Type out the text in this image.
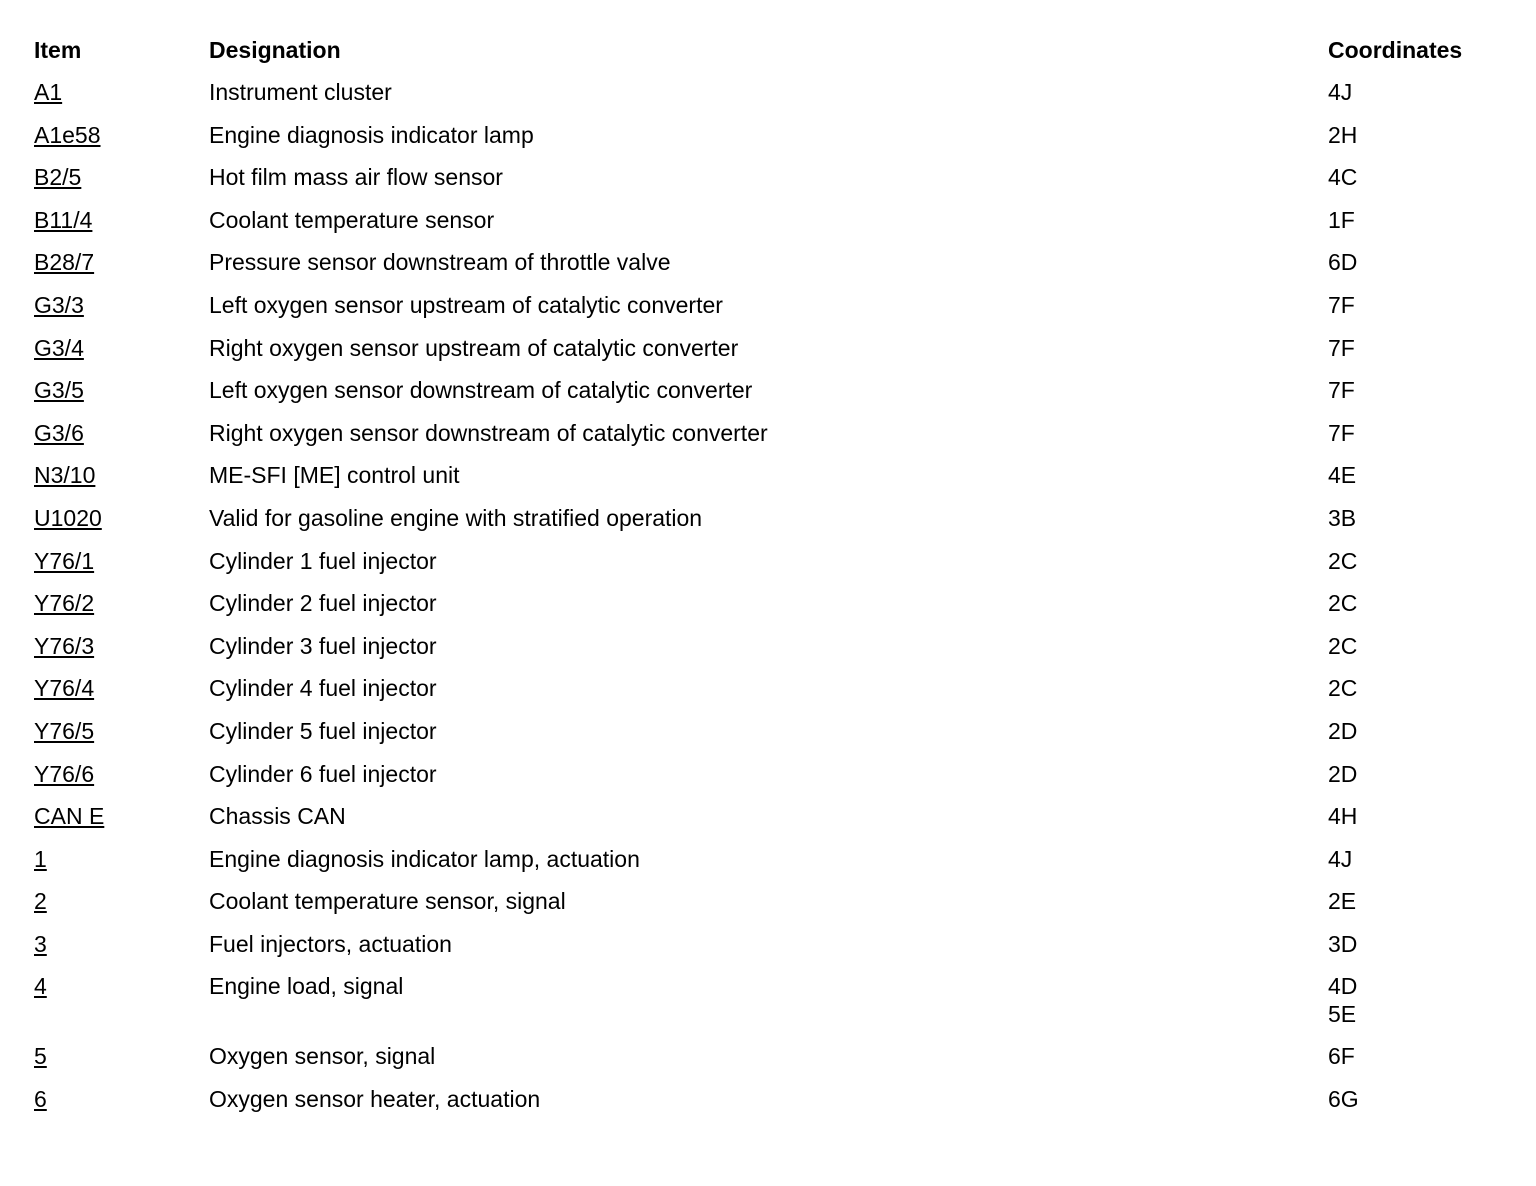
Item	Designation	Coordinates
A1	Instrument cluster	4J
A1e58	Engine diagnosis indicator lamp	2H
B2/5	Hot film mass air flow sensor	4C
B11/4	Coolant temperature sensor	1F
B28/7	Pressure sensor downstream of throttle valve	6D
G3/3	Left oxygen sensor upstream of catalytic converter	7F
G3/4	Right oxygen sensor upstream of catalytic converter	7F
G3/5	Left oxygen sensor downstream of catalytic converter	7F
G3/6	Right oxygen sensor downstream of catalytic converter	7F
N3/10	ME-SFI [ME] control unit	4E
U1020	Valid for gasoline engine with stratified operation	3B
Y76/1	Cylinder 1 fuel injector	2C
Y76/2	Cylinder 2 fuel injector	2C
Y76/3	Cylinder 3 fuel injector	2C
Y76/4	Cylinder 4 fuel injector	2C
Y76/5	Cylinder 5 fuel injector	2D
Y76/6	Cylinder 6 fuel injector	2D
CAN E	Chassis CAN	4H
1	Engine diagnosis indicator lamp, actuation	4J
2	Coolant temperature sensor, signal	2E
3	Fuel injectors, actuation	3D
4	Engine load, signal	4D
5E
5	Oxygen sensor, signal	6F
6	Oxygen sensor heater, actuation	6G
